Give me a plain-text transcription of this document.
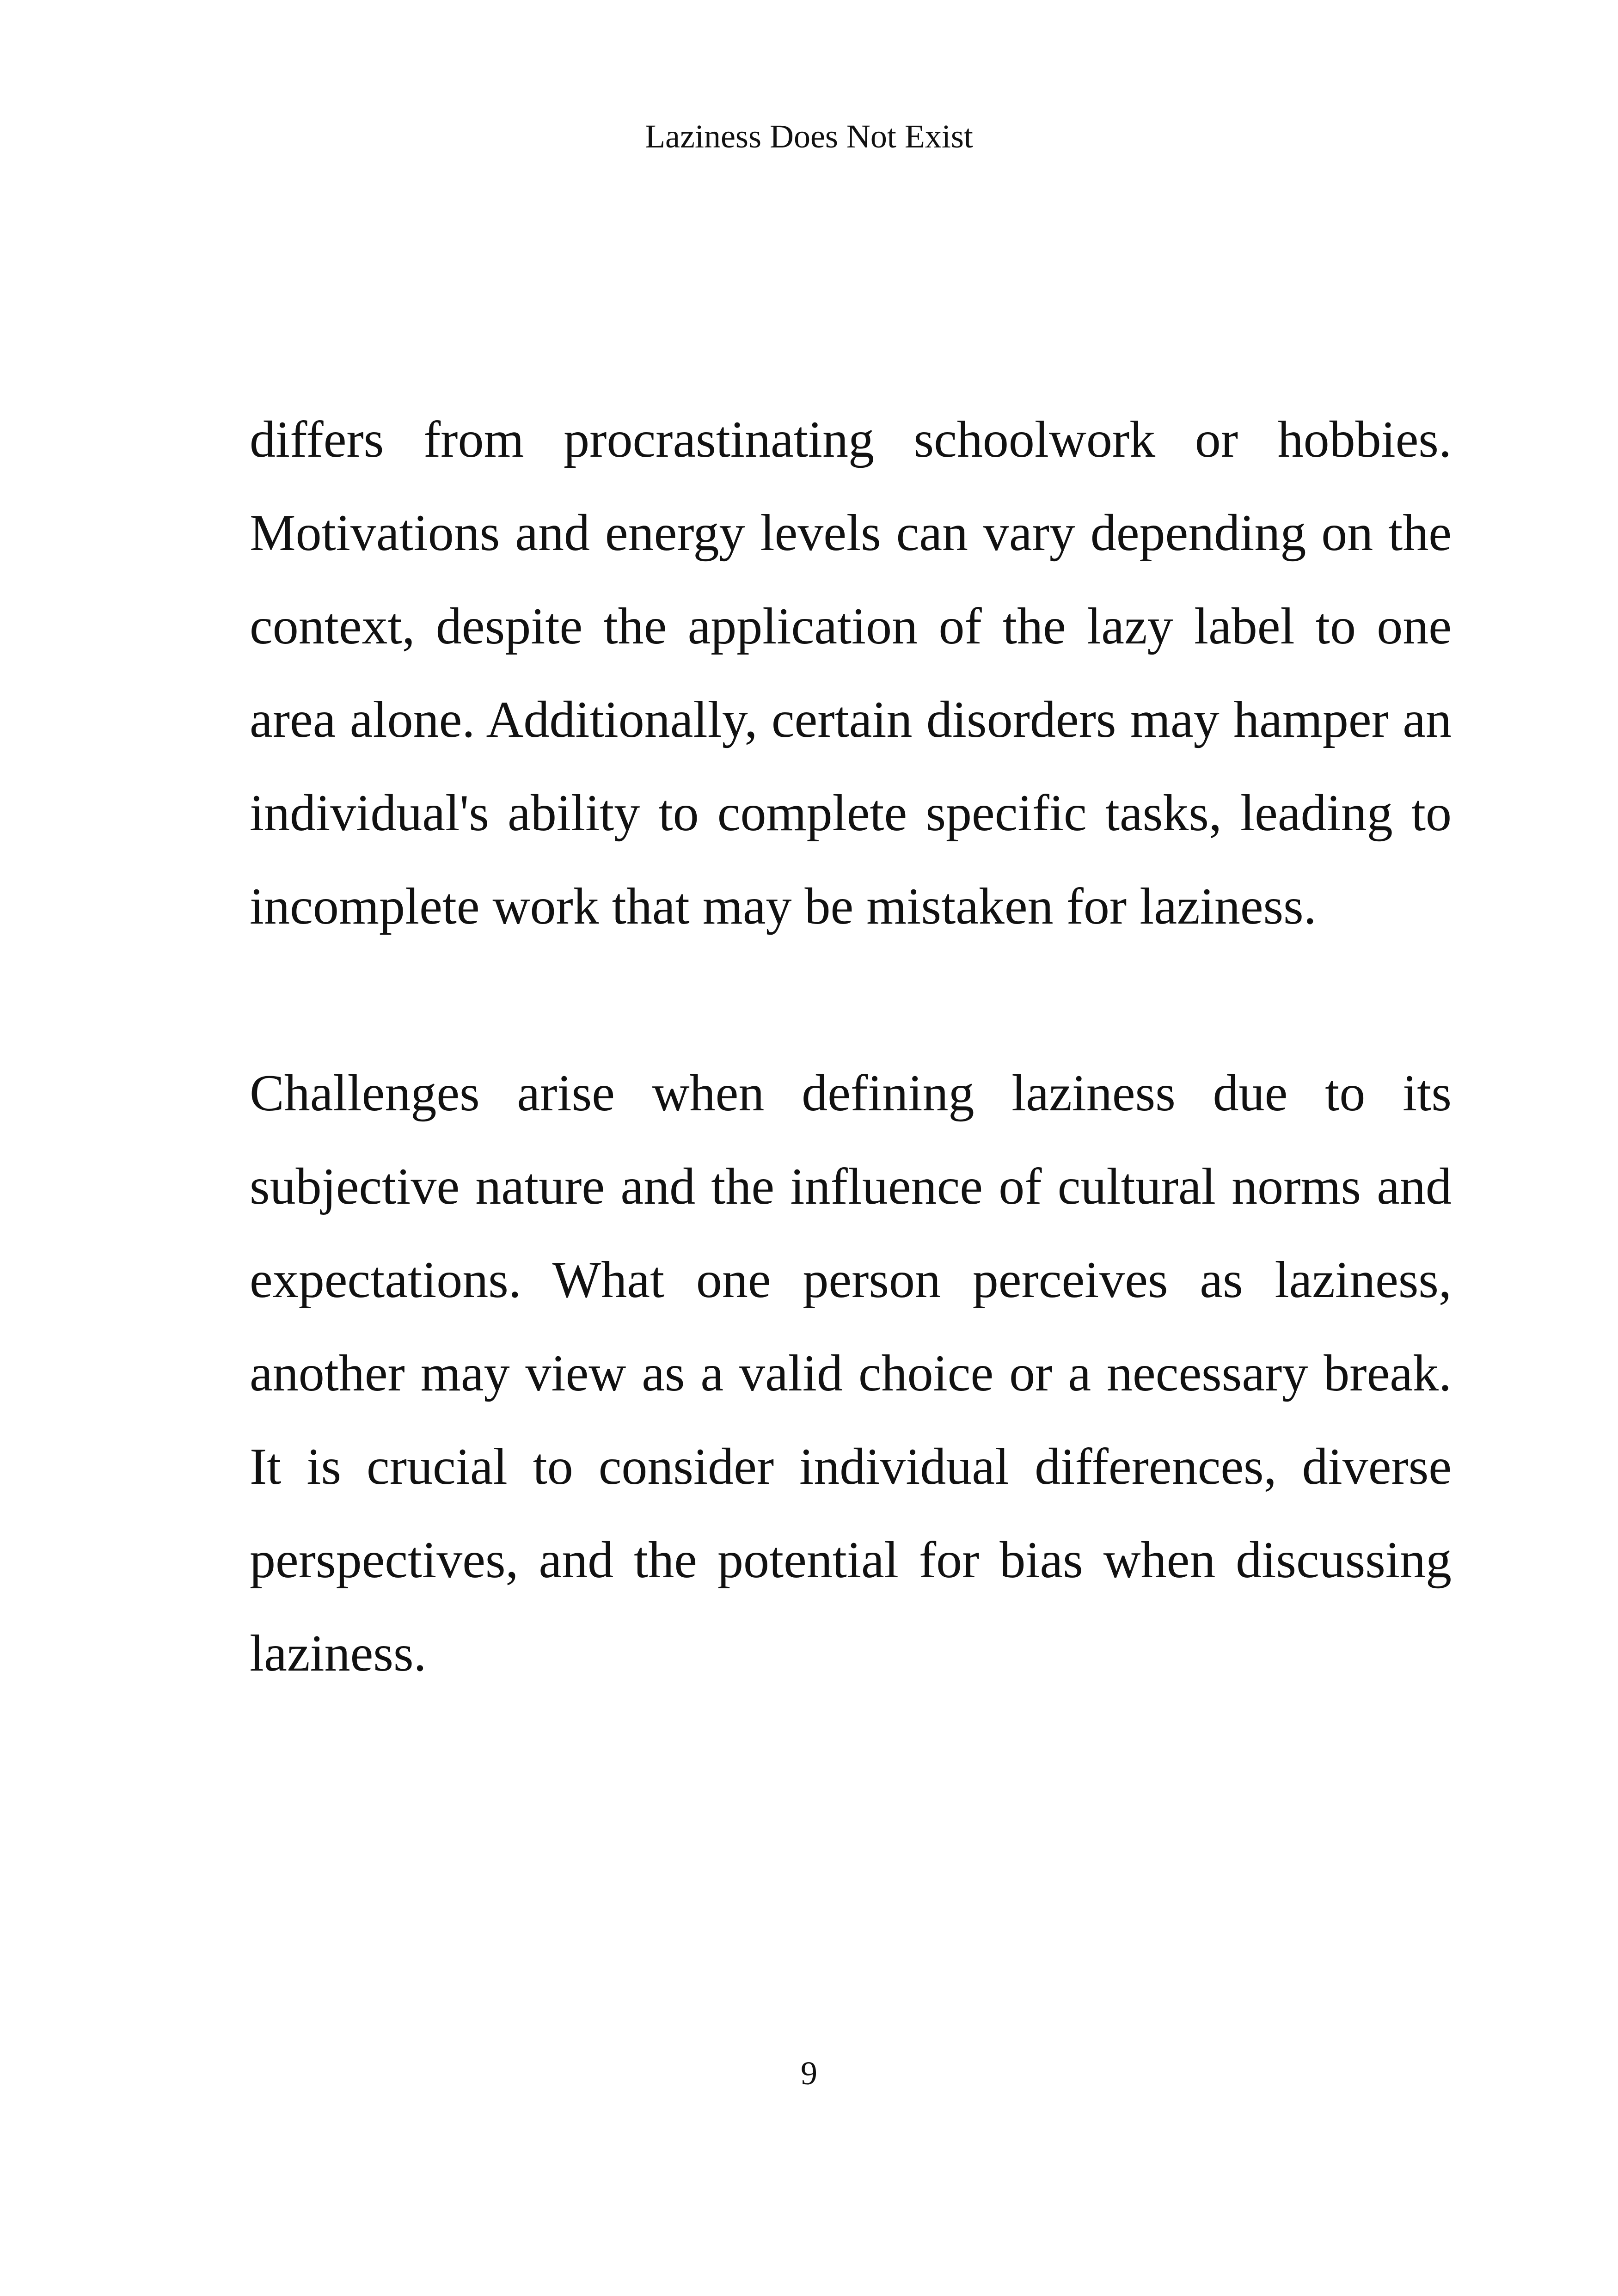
Laziness Does Not Exist

differs from procrastinating schoolwork or hobbies. Motivations and energy levels can vary depending on the context, despite the application of the lazy label to one area alone. Additionally, certain disorders may hamper an individual's ability to complete specific tasks, leading to incomplete work that may be mistaken for laziness.

Challenges arise when defining laziness due to its subjective nature and the influence of cultural norms and expectations. What one person perceives as laziness, another may view as a valid choice or a necessary break. It is crucial to consider individual differences, diverse perspectives, and the potential for bias when discussing laziness.

9
